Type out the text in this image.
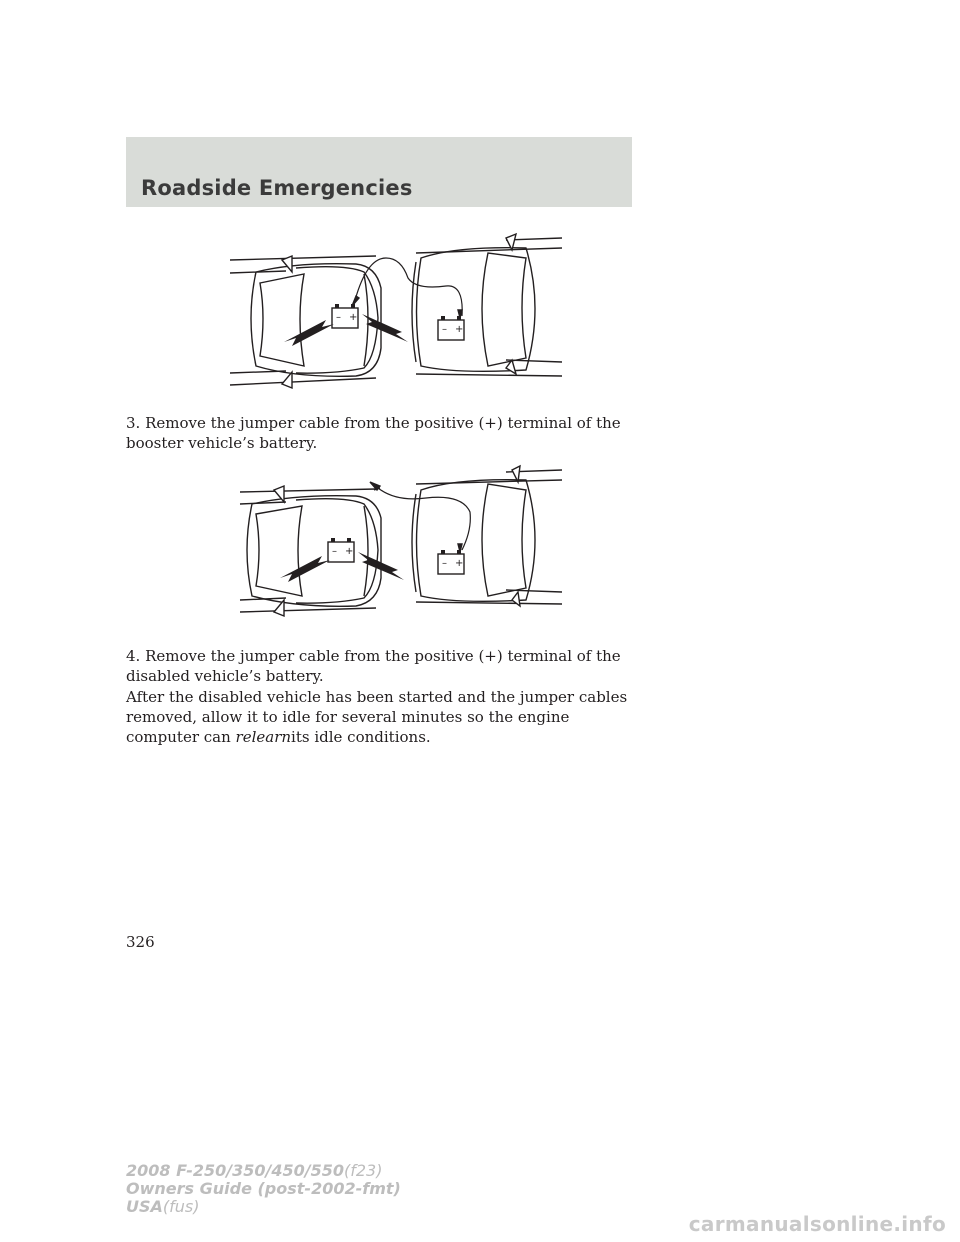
Roadside Emergencies
– +
– +

3. Remove the jumper cable from the positive (+) terminal of the booster vehicle’s battery.

– +
– +

4. Remove the jumper cable from the positive (+) terminal of the disabled vehicle’s battery.

After the disabled vehicle has been started and the jumper cables removed, allow it to idle for several minutes so the engine computer can relearnits idle conditions.

326

2008 F-250/350/450/550(f23)
Owners Guide (post-2002-fmt)
USA(fus)
carmanualsonline.info
